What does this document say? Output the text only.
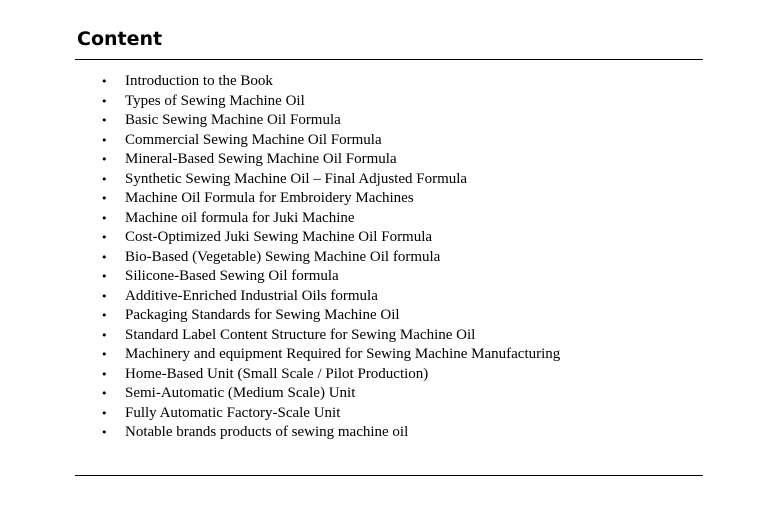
Content
• Introduction to the Book
• Types of Sewing Machine Oil
• Basic Sewing Machine Oil Formula
• Commercial Sewing Machine Oil Formula
• Mineral-Based Sewing Machine Oil Formula
• Synthetic Sewing Machine Oil – Final Adjusted Formula
• Machine Oil Formula for Embroidery Machines
• Machine oil formula for Juki Machine
• Cost-Optimized Juki Sewing Machine Oil Formula
• Bio-Based (Vegetable) Sewing Machine Oil formula
• Silicone-Based Sewing Oil formula
• Additive-Enriched Industrial Oils formula
• Packaging Standards for Sewing Machine Oil
• Standard Label Content Structure for Sewing Machine Oil
• Machinery and equipment Required for Sewing Machine Manufacturing
• Home-Based Unit (Small Scale / Pilot Production)
• Semi-Automatic (Medium Scale) Unit
• Fully Automatic Factory-Scale Unit
• Notable brands products of sewing machine oil
